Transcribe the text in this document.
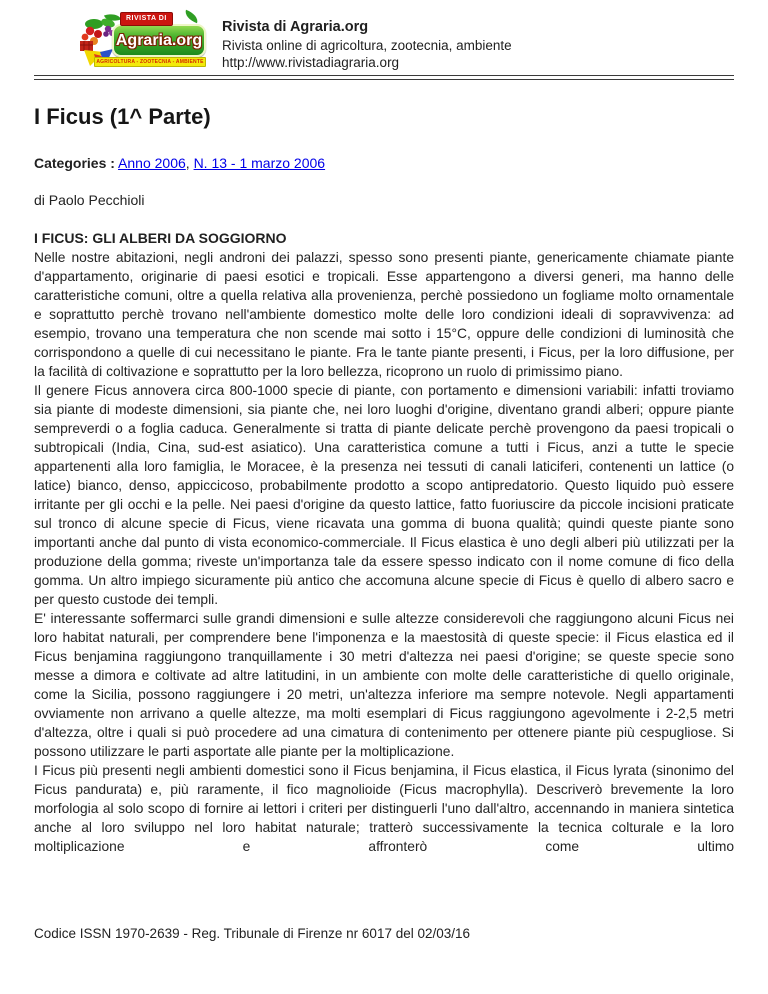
RIVISTA DI
Agraria.org
AGRICOLTURA - ZOOTECNIA - AMBIENTE
Rivista di Agraria.org
Rivista online di agricoltura, zootecnia, ambiente
http://www.rivistadiagraria.org
I Ficus (1^ Parte)

Categories : Anno 2006, N. 13 - 1 marzo 2006

di Paolo Pecchioli

I FICUS: GLI ALBERI DA SOGGIORNO

Nelle nostre abitazioni, negli androni dei palazzi, spesso sono presenti piante, genericamente chiamate piante d'appartamento, originarie di paesi esotici e tropicali. Esse appartengono a diversi generi, ma hanno delle caratteristiche comuni, oltre a quella relativa alla provenienza, perchè possiedono un fogliame molto ornamentale e soprattutto perchè trovano nell'ambiente domestico molte delle loro condizioni ideali di sopravvivenza: ad esempio, trovano una temperatura che non scende mai sotto i 15°C, oppure delle condizioni di luminosità che corrispondono a quelle di cui necessitano le piante. Fra le tante piante presenti, i Ficus, per la loro diffusione, per la facilità di coltivazione e soprattutto per la loro bellezza, ricoprono un ruolo di primissimo piano.

Il genere Ficus annovera circa 800-1000 specie di piante, con portamento e dimensioni variabili: infatti troviamo sia piante di modeste dimensioni, sia piante che, nei loro luoghi d'origine, diventano grandi alberi; oppure piante sempreverdi o a foglia caduca. Generalmente si tratta di piante delicate perchè provengono da paesi tropicali o subtropicali (India, Cina, sud-est asiatico). Una caratteristica comune a tutti i Ficus, anzi a tutte le specie appartenenti alla loro famiglia, le Moracee, è la presenza nei tessuti di canali laticiferi, contenenti un lattice (o latice) bianco, denso, appiccicoso, probabilmente prodotto a scopo antipredatorio. Questo liquido può essere irritante per gli occhi e la pelle. Nei paesi d'origine da questo lattice, fatto fuoriuscire da piccole incisioni praticate sul tronco di alcune specie di Ficus, viene ricavata una gomma di buona qualità; quindi queste piante sono importanti anche dal punto di vista economico-commerciale. Il Ficus elastica è uno degli alberi più utilizzati per la produzione della gomma; riveste un'importanza tale da essere spesso indicato con il nome comune di fico della gomma. Un altro impiego sicuramente più antico che accomuna alcune specie di Ficus è quello di albero sacro e per questo custode dei templi.

E' interessante soffermarci sulle grandi dimensioni e sulle altezze considerevoli che raggiungono alcuni Ficus nei loro habitat naturali, per comprendere bene l'imponenza e la maestosità di queste specie: il Ficus elastica ed il Ficus benjamina raggiungono tranquillamente i 30 metri d'altezza nei paesi d'origine; se queste specie sono messe a dimora e coltivate ad altre latitudini, in un ambiente con molte delle caratteristiche di quello originale, come la Sicilia, possono raggiungere i 20 metri, un'altezza inferiore ma sempre notevole. Negli appartamenti ovviamente non arrivano a quelle altezze, ma molti esemplari di Ficus raggiungono agevolmente i 2-2,5 metri d'altezza, oltre i quali si può procedere ad una cimatura di contenimento per ottenere piante più cespugliose. Si possono utilizzare le parti asportate alle piante per la moltiplicazione.

I Ficus più presenti negli ambienti domestici sono il Ficus benjamina, il Ficus elastica, il Ficus lyrata (sinonimo del Ficus pandurata) e, più raramente, il fico magnolioide (Ficus macrophylla). Descriverò brevemente la loro morfologia al solo scopo di fornire ai lettori i criteri per distinguerli l'uno dall'altro, accennando in maniera sintetica anche al loro sviluppo nel loro habitat naturale; tratterò successivamente la tecnica colturale e la loro moltiplicazione e affronterò come ultimo

Codice ISSN 1970-2639 - Reg. Tribunale di Firenze nr 6017 del 02/03/16
